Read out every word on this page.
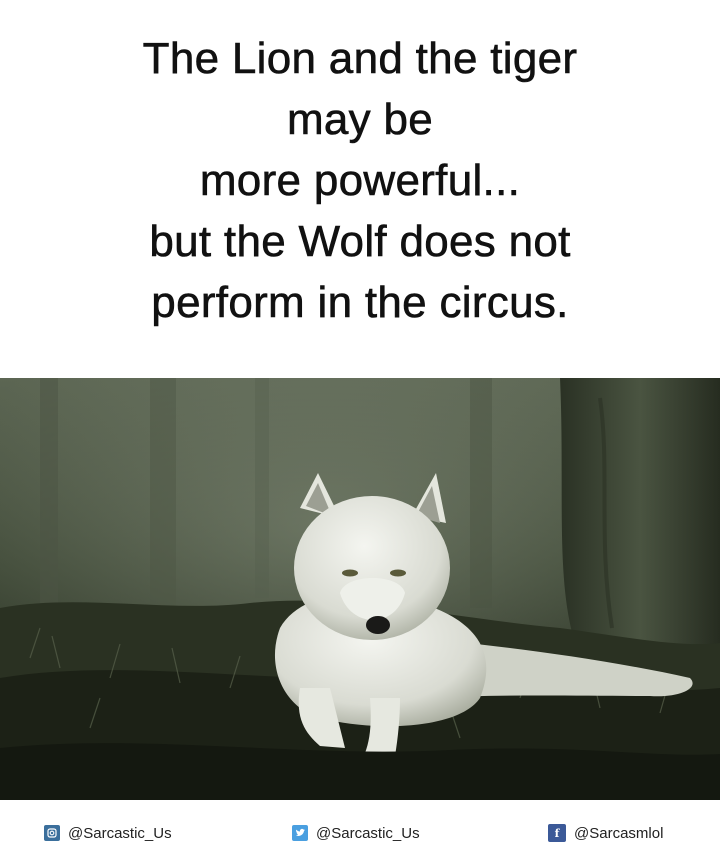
The Lion and the tiger
may be
more powerful...
but the Wolf does not
perform in the circus.
@Sarcastic_Us	@Sarcastic_Us	f @Sarcasmlol
